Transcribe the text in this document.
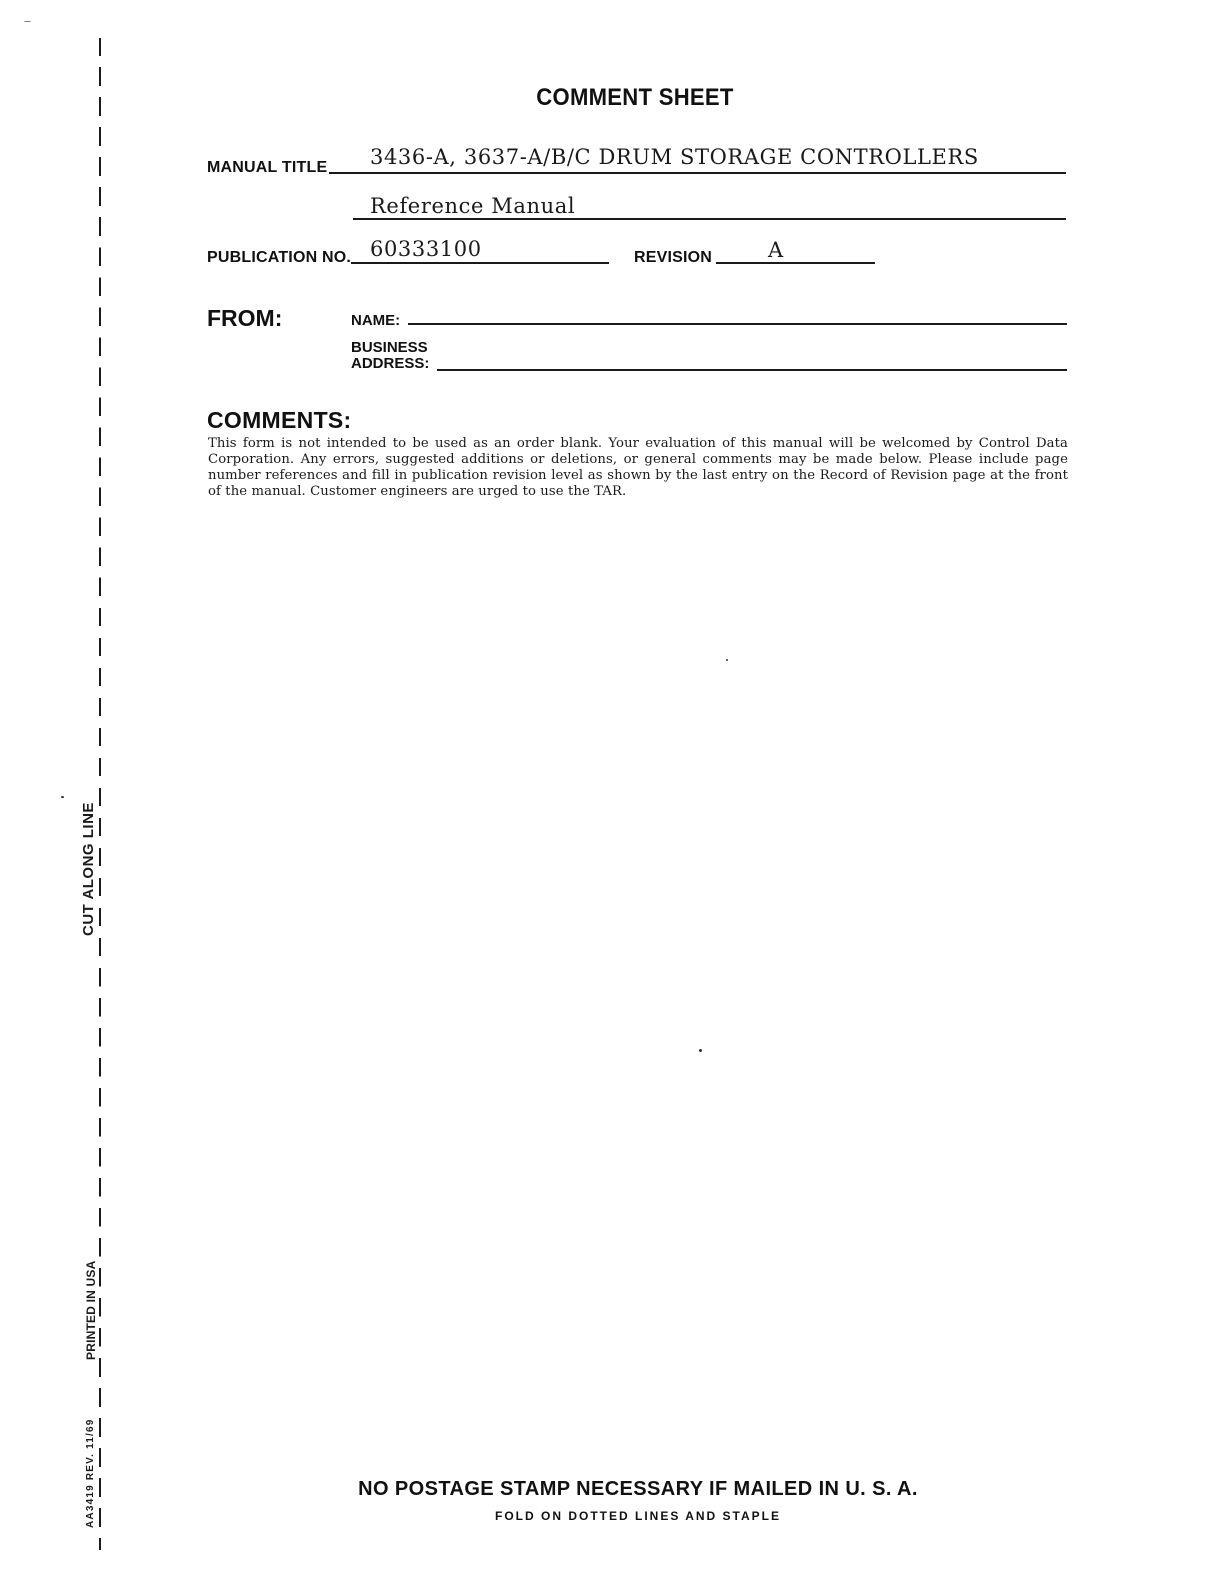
CUT ALONG LINE
PRINTED IN USA
AA3419 REV. 11/69
COMMENT SHEET
MANUAL TITLE 3436-A, 3637-A/B/C DRUM STORAGE CONTROLLERS
Reference Manual
PUBLICATION NO. 60333100	REVISION	A
FROM:	NAME:
BUSINESS
ADDRESS:
COMMENTS:
This form is not intended to be used as an order blank. Your evaluation of this manual will be welcomed by Control Data Corporation. Any errors, suggested additions or deletions, or general comments may be made below. Please include page number references and fill in publication revision level as shown by the last entry on the Record of Revision page at the front of the manual. Customer engineers are urged to use the TAR.
NO POSTAGE STAMP NECESSARY IF MAILED IN U. S. A.
FOLD ON DOTTED LINES AND STAPLE
